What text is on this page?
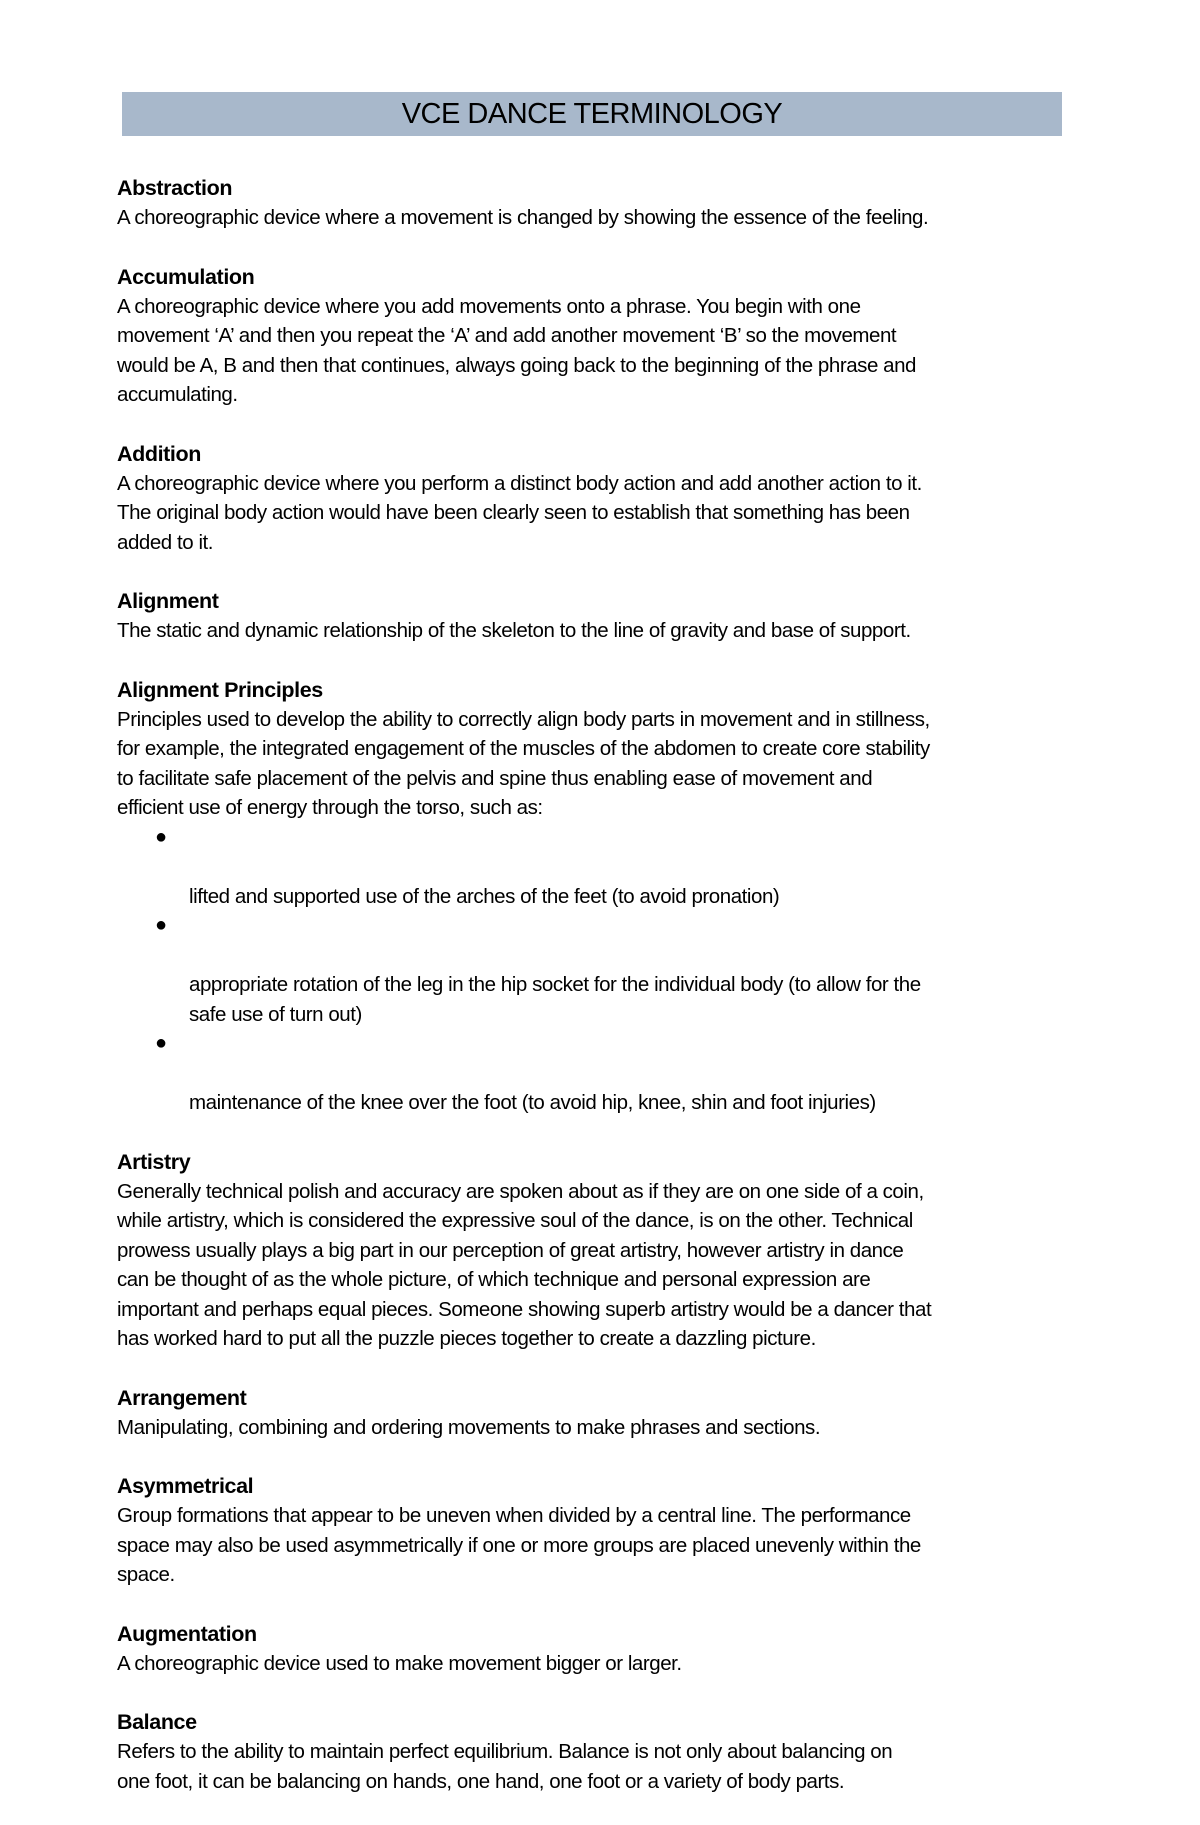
VCE DANCE TERMINOLOGY

Abstraction

A choreographic device where a movement is changed by showing the essence of the feeling.

Accumulation

A choreographic device where you add movements onto a phrase. You begin with one
movement ‘A’ and then you repeat the ‘A’ and add another movement ‘B’ so the movement
would be A, B and then that continues, always going back to the beginning of the phrase and
accumulating.

Addition

A choreographic device where you perform a distinct body action and add another action to it.
The original body action would have been clearly seen to establish that something has been
added to it.

Alignment

The static and dynamic relationship of the skeleton to the line of gravity and base of support.

Alignment Principles

Principles used to develop the ability to correctly align body parts in movement and in stillness,
for example, the integrated engagement of the muscles of the abdomen to create core stability
to facilitate safe placement of the pelvis and spine thus enabling ease of movement and
efficient use of energy through the torso, such as:

●

lifted and supported use of the arches of the feet (to avoid pronation)

●

appropriate rotation of the leg in the hip socket for the individual body (to allow for the
safe use of turn out)

●

maintenance of the knee over the foot (to avoid hip, knee, shin and foot injuries)

Artistry

Generally technical polish and accuracy are spoken about as if they are on one side of a coin,
while artistry, which is considered the expressive soul of the dance, is on the other. Technical
prowess usually plays a big part in our perception of great artistry, however artistry in dance
can be thought of as the whole picture, of which technique and personal expression are
important and perhaps equal pieces. Someone showing superb artistry would be a dancer that
has worked hard to put all the puzzle pieces together to create a dazzling picture.

Arrangement

Manipulating, combining and ordering movements to make phrases and sections.

Asymmetrical

Group formations that appear to be uneven when divided by a central line. The performance
space may also be used asymmetrically if one or more groups are placed unevenly within the
space.

Augmentation

A choreographic device used to make movement bigger or larger.

Balance

Refers to the ability to maintain perfect equilibrium. Balance is not only about balancing on
one foot, it can be balancing on hands, one hand, one foot or a variety of body parts.
